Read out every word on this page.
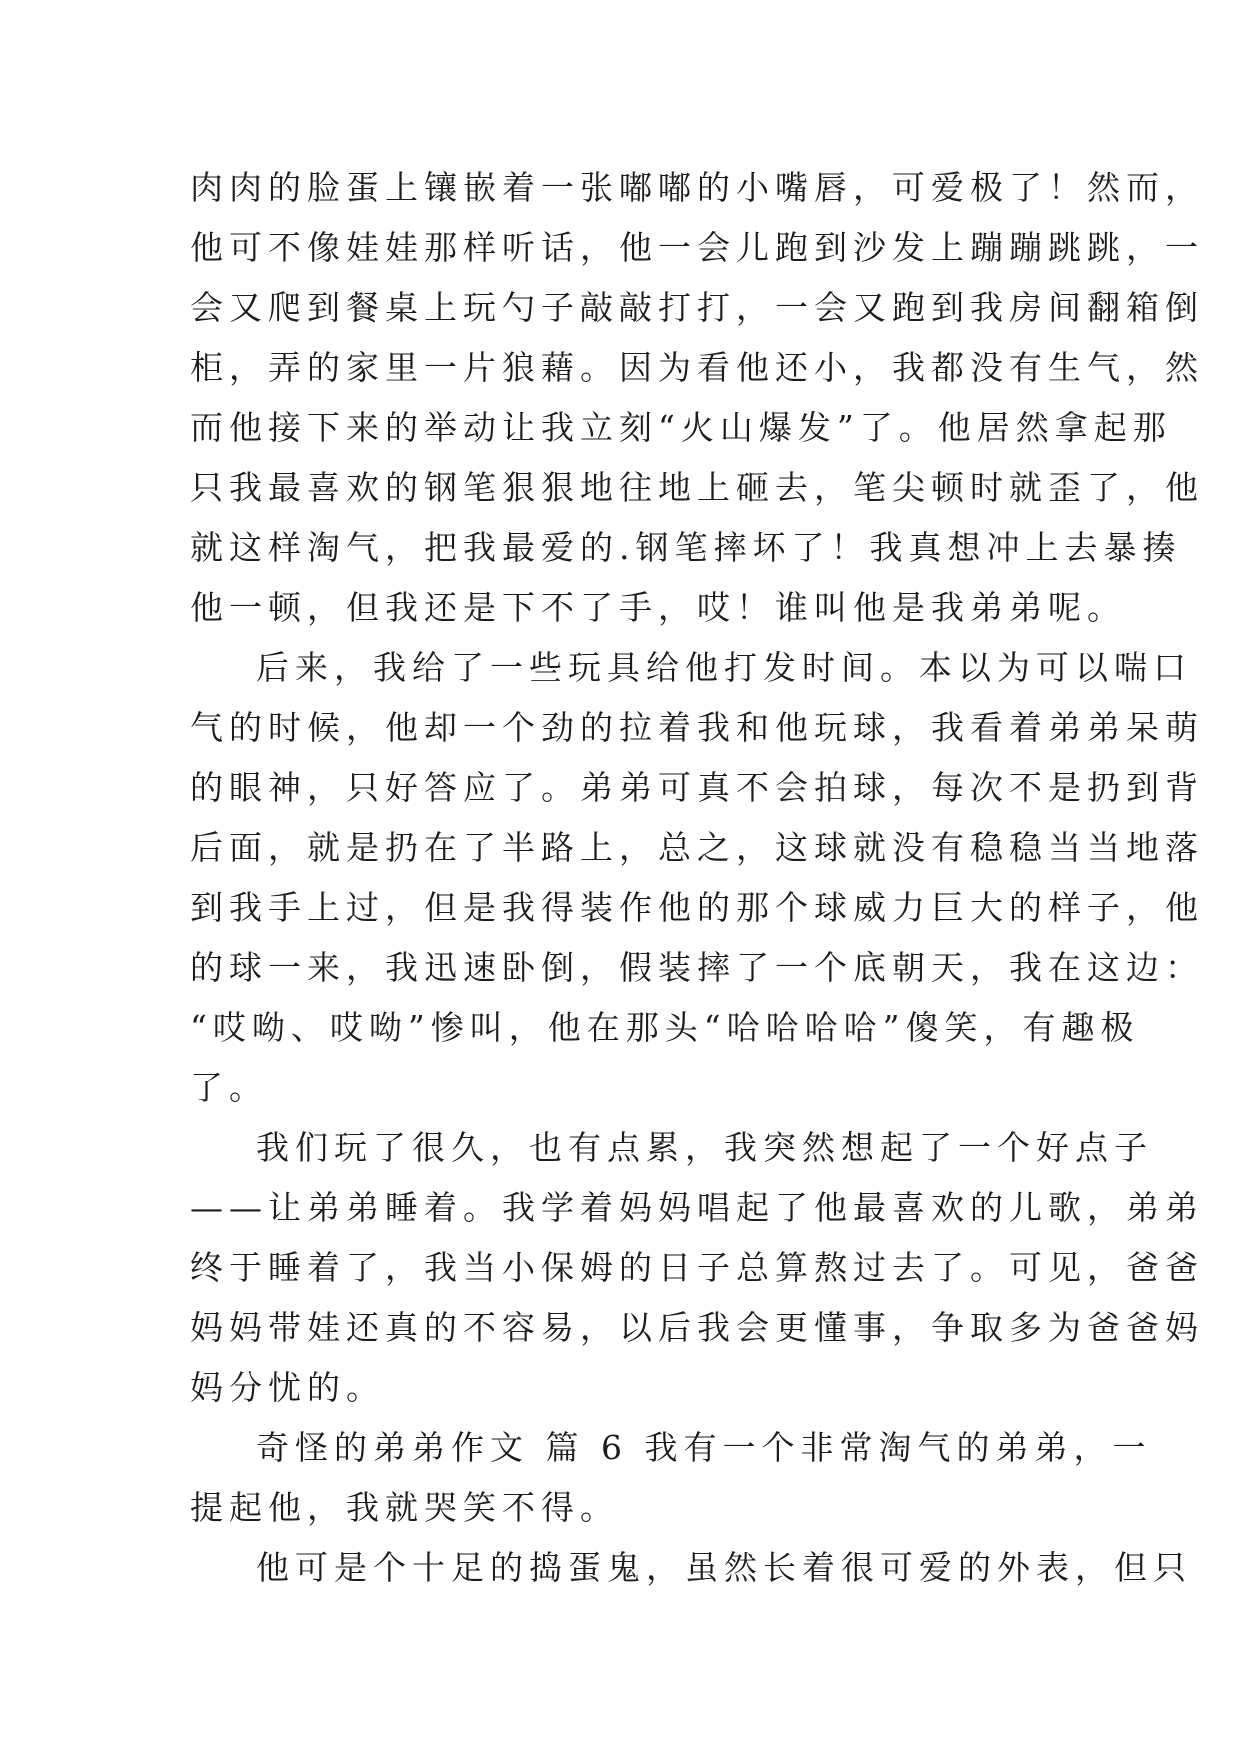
肉肉的脸蛋上镶嵌着一张嘟嘟的小嘴唇，可爱极了！然而，
他可不像娃娃那样听话，他一会儿跑到沙发上蹦蹦跳跳，一
会又爬到餐桌上玩勺子敲敲打打，一会又跑到我房间翻箱倒
柜，弄的家里一片狼藉。因为看他还小，我都没有生气，然
而他接下来的举动让我立刻“火山爆发”了。他居然拿起那
只我最喜欢的钢笔狠狠地往地上砸去，笔尖顿时就歪了，他
就这样淘气，把我最爱的.钢笔摔坏了！我真想冲上去暴揍
他一顿，但我还是下不了手，哎！谁叫他是我弟弟呢。
后来，我给了一些玩具给他打发时间。本以为可以喘口
气的时候，他却一个劲的拉着我和他玩球，我看着弟弟呆萌
的眼神，只好答应了。弟弟可真不会拍球，每次不是扔到背
后面，就是扔在了半路上，总之，这球就没有稳稳当当地落
到我手上过，但是我得装作他的那个球威力巨大的样子，他
的球一来，我迅速卧倒，假装摔了一个底朝天，我在这边：
“哎呦、哎呦”惨叫，他在那头“哈哈哈哈”傻笑，有趣极
了。
我们玩了很久，也有点累，我突然想起了一个好点子
——让弟弟睡着。我学着妈妈唱起了他最喜欢的儿歌，弟弟
终于睡着了，我当小保姆的日子总算熬过去了。可见，爸爸
妈妈带娃还真的不容易，以后我会更懂事，争取多为爸爸妈
妈分忧的。
奇怪的弟弟作文 篇 6 我有一个非常淘气的弟弟，一
提起他，我就哭笑不得。
他可是个十足的捣蛋鬼，虽然长着很可爱的外表，但只
